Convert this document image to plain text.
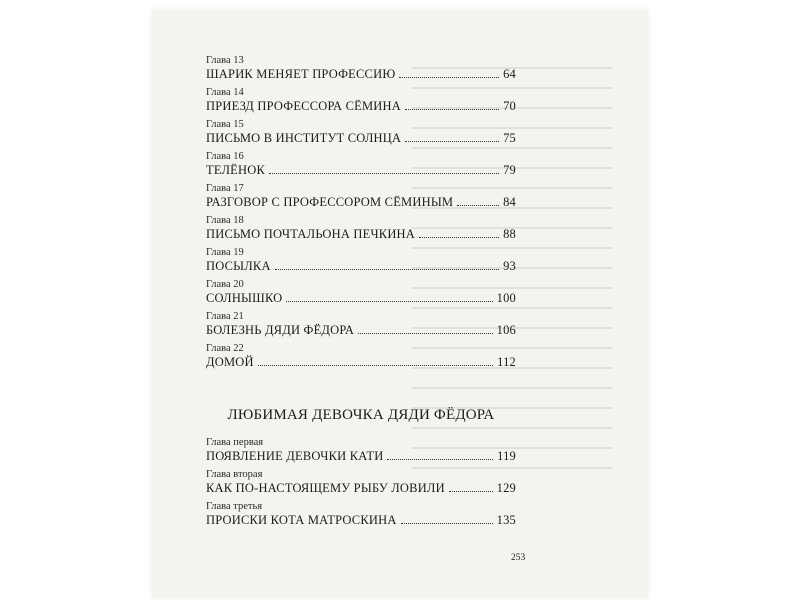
Глава 13
ШАРИК МЕНЯЕТ ПРОФЕССИЮ	64
Глава 14
ПРИЕЗД ПРОФЕССОРА СЁМИНА	70
Глава 15
ПИСЬМО В ИНСТИТУТ СОЛНЦА	75
Глава 16
ТЕЛЁНОК	79
Глава 17
РАЗГОВОР С ПРОФЕССОРОМ СЁМИНЫМ	84
Глава 18
ПИСЬМО ПОЧТАЛЬОНА ПЕЧКИНА	88
Глава 19
ПОСЫЛКА	93
Глава 20
СОЛНЫШКО	100
Глава 21
БОЛЕЗНЬ ДЯДИ ФЁДОРА	106
Глава 22
ДОМОЙ	112
ЛЮБИМАЯ ДЕВОЧКА ДЯДИ ФЁДОРА
Глава первая
ПОЯВЛЕНИЕ ДЕВОЧКИ КАТИ	119
Глава вторая
КАК ПО-НАСТОЯЩЕМУ РЫБУ ЛОВИЛИ	129
Глава третья
ПРОИСКИ КОТА МАТРОСКИНА	135
253
